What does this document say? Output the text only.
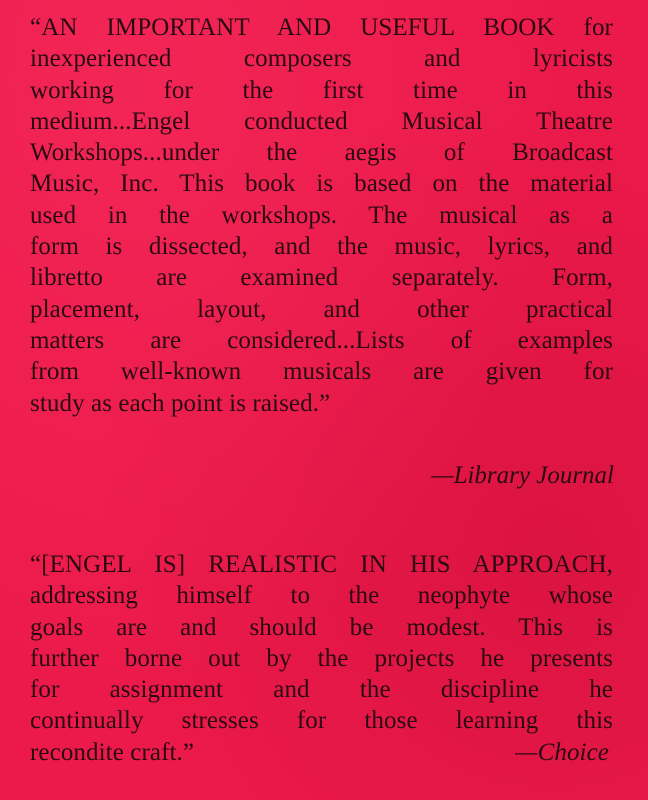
“AN IMPORTANT AND USEFUL BOOK for
inexperienced composers and lyricists
working for the first time in this
medium...Engel conducted Musical Theatre
Workshops...under the aegis of Broadcast
Music, Inc. This book is based on the material
used in the workshops. The musical as a
form is dissected, and the music, lyrics, and
libretto are examined separately. Form,
placement, layout, and other practical
matters are considered...Lists of examples
from well-known musicals are given for
study as each point is raised.”
—Library Journal
“[ENGEL IS] REALISTIC IN HIS APPROACH,
addressing himself to the neophyte whose
goals are and should be modest. This is
further borne out by the projects he presents
for assignment and the discipline he
continually stresses for those learning this
recondite craft.”	—Choice
